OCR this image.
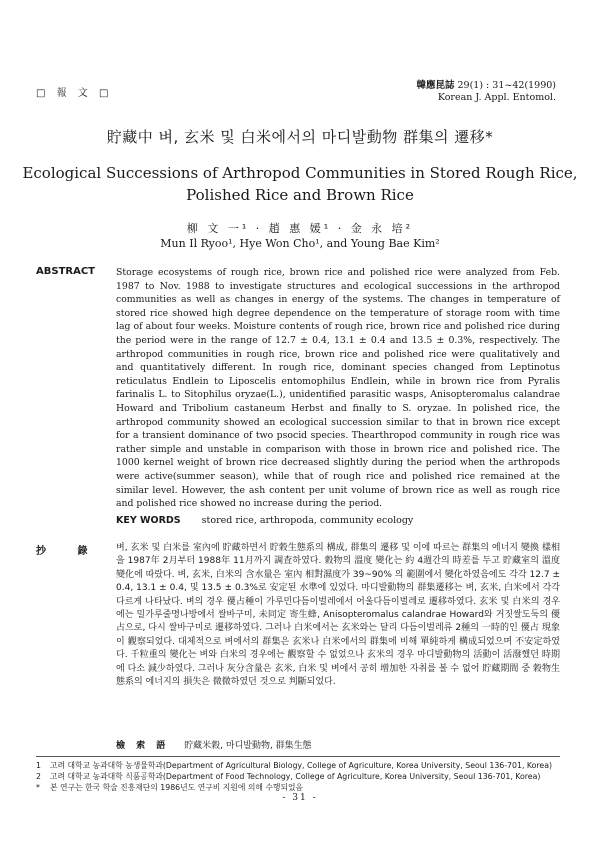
□ 報 文 □
韓應昆誌 29(1) : 31~42(1990)
Korean J. Appl. Entomol.
貯藏中 벼, 玄米 및 白米에서의 마디발動物 群集의 遷移*
Ecological Successions of Arthropod Communities in Stored Rough Rice,
Polished Rice and Brown Rice
柳 文 一¹ · 趙 惠 媛¹ · 金 永 培²
Mun Il Ryoo¹, Hye Won Cho¹, and Young Bae Kim²
ABSTRACT Storage ecosystems of rough rice, brown rice and polished rice were analyzed from Feb. 1987 to Nov. 1988 to investigate structures and ecological successions in the arthropod communities as well as changes in energy of the systems. The changes in temperature of stored rice showed high degree dependence on the temperature of storage room with time lag of about four weeks. Moisture contents of rough rice, brown rice and polished rice during the period were in the range of 12.7 ± 0.4, 13.1 ± 0.4 and 13.5 ± 0.3%, respectively. The arthropod communities in rough rice, brown rice and polished rice were qualitatively and and quantitatively different. In rough rice, dominant species changed from Leptinotus reticulatus Endlein to Liposcelis entomophilus Endlein, while in brown rice from Pyralis farinalis L. to Sitophilus oryzae(L.), unidentified parasitic wasps, Anisopteromalus calandrae Howard and Tribolium castaneum Herbst and finally to S. oryzae. In polished rice, the arthropod community showed an ecological succession similar to that in brown rice except for a transient dominance of two psocid species. Thearthropod community in rough rice was rather simple and unstable in comparison with those in brown rice and polished rice. The 1000 kernel weight of brown rice decreased slightly during the period when the arthropods were active(summer season), while that of rough rice and polished rice remained at the similar level. However, the ash content per unit volume of brown rice as well as rough rice and polished rice showed no increase during the period.
KEY WORDS stored rice, arthropoda, community ecology
抄 錄 벼, 玄米 및 白米를 室內에 貯藏하면서 貯穀生態系의 構成, 群集의 遷移 및 이에 따르는 群集의 에너지 變換 樣相을 1987年 2月부터 1988年 11月까지 調査하였다. 穀物의 溫度 變化는 約 4週간의 時差를 두고 貯藏室의 溫度 變化에 따랐다. 벼, 玄米, 白米의 含水量은 室內 相對濕度가 39~90% 의 範圍에서 變化하였음에도 각각 12.7 ± 0.4, 13.1 ± 0.4, 및 13.5 ± 0.3%로 安定된 水準에 있었다. 마디발動物의 群集遷移는 벼, 玄米, 白米에서 각각 다르게 나타났다. 벼의 경우 優占種이 가루민다듬이벌레에서 어울다듬이벌레로 遷移하였다. 玄米 및 白米의 경우에는 밀가루줄명나방에서 쌀바구미, 未同定 寄生蜂, Anisopteromalus calandrae Howard와 거짓쌀도둑의 優占으로, 다시 쌀바구미로 遷移하였다. 그러나 白米에서는 玄米와는 달리 다듬이벌레류 2種의 一時的인 優占 現象이 觀察되었다. 대체적으로 벼에서의 群集은 玄米나 白米에서의 群集에 비해 單純하게 構成되었으며 不安定하였다. 千粒重의 變化는 벼와 白米의 경우에는 觀察할 수 없었으나 玄米의 경우 마디발動物의 活動이 活潑했던 時期에 다소 減少하였다. 그러나 灰分含量은 玄米, 白米 및 벼에서 공히 增加한 자취를 볼 수 없어 貯藏期間 중 穀物生態系의 에너지의 損失은 微微하였던 것으로 判斷되었다.
檢 索 語 貯藏米穀, 마디발動物, 群集生態
1	고려 대학교 농과대학 농생물학과(Department of Agricultural Biology, College of Agriculture, Korea University, Seoul 136-701, Korea)
2	고려 대학교 농과대학 식품공학과(Department of Food Technology, College of Agriculture, Korea University, Seoul 136-701, Korea)
*	본 연구는 한국 학술 진흥재단의 1986년도 연구비 지원에 의해 수행되었음
- 31 -
